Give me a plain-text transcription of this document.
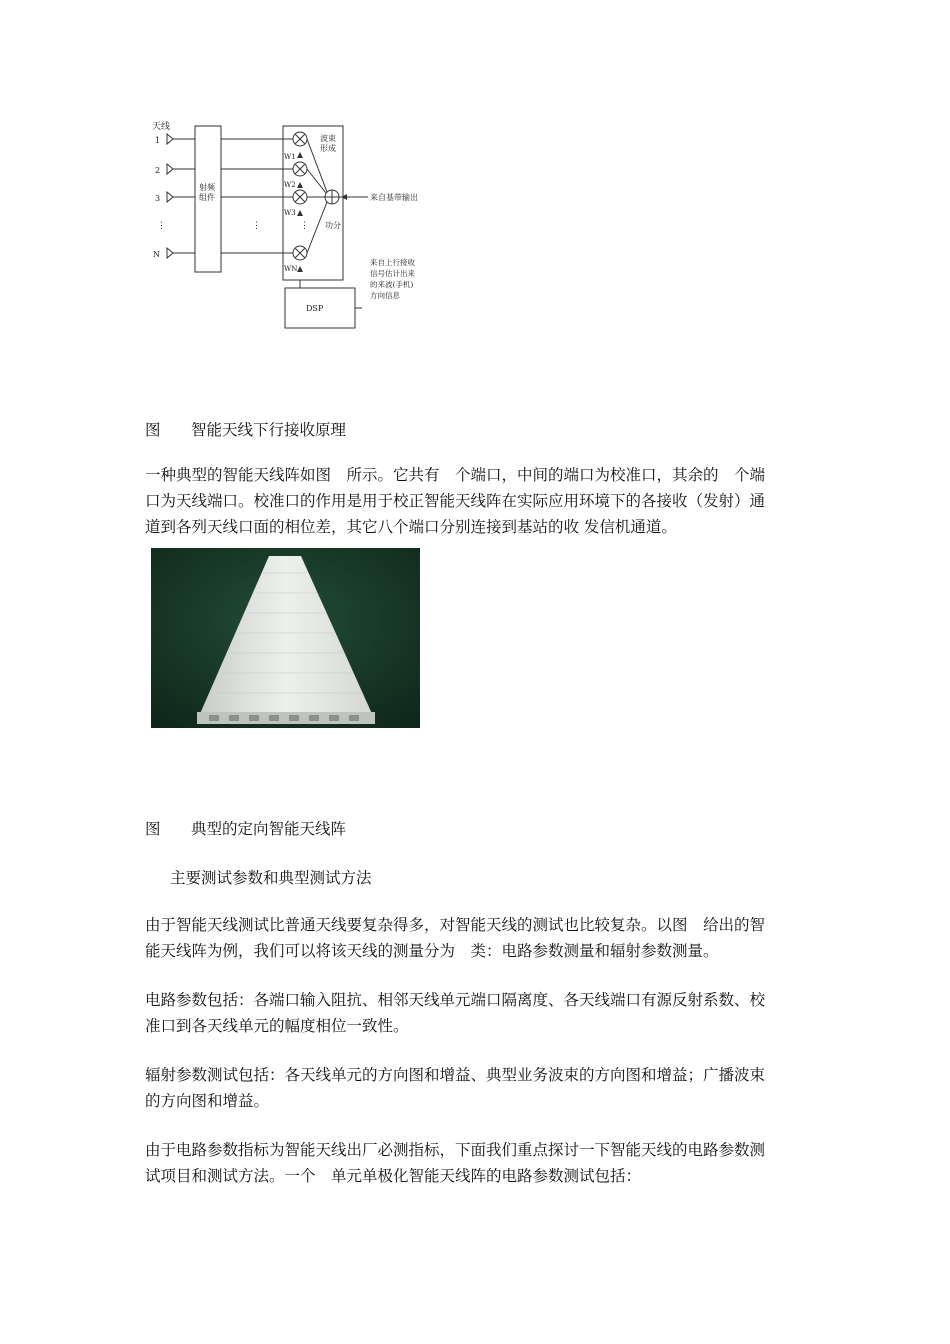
天线
1
2
3
⋮
N
射频
组件
W1
W2
W3
WN
波束
形成
功分
⋮	⋮
来自基带输出
DSP
来自上行接收
信号估计出来
的来波(手机)
方向信息
图 智能天线下行接收原理
一种典型的智能天线阵如图　所示。它共有　个端口，中间的端口为校准口，其余的　个端
口为天线端口。校准口的作用是用于校正智能天线阵在实际应用环境下的各接收（发射）通
道到各列天线口面的相位差，其它八个端口分别连接到基站的收 发信机通道。
图 典型的定向智能天线阵
主要测试参数和典型测试方法
由于智能天线测试比普通天线要复杂得多，对智能天线的测试也比较复杂。以图　给出的智
能天线阵为例，我们可以将该天线的测量分为　类：电路参数测量和辐射参数测量。
电路参数包括：各端口输入阻抗、相邻天线单元端口隔离度、各天线端口有源反射系数、校
准口到各天线单元的幅度相位一致性。
辐射参数测试包括：各天线单元的方向图和增益、典型业务波束的方向图和增益；广播波束
的方向图和增益。
由于电路参数指标为智能天线出厂必测指标，下面我们重点探讨一下智能天线的电路参数测
试项目和测试方法。一个　单元单极化智能天线阵的电路参数测试包括：
